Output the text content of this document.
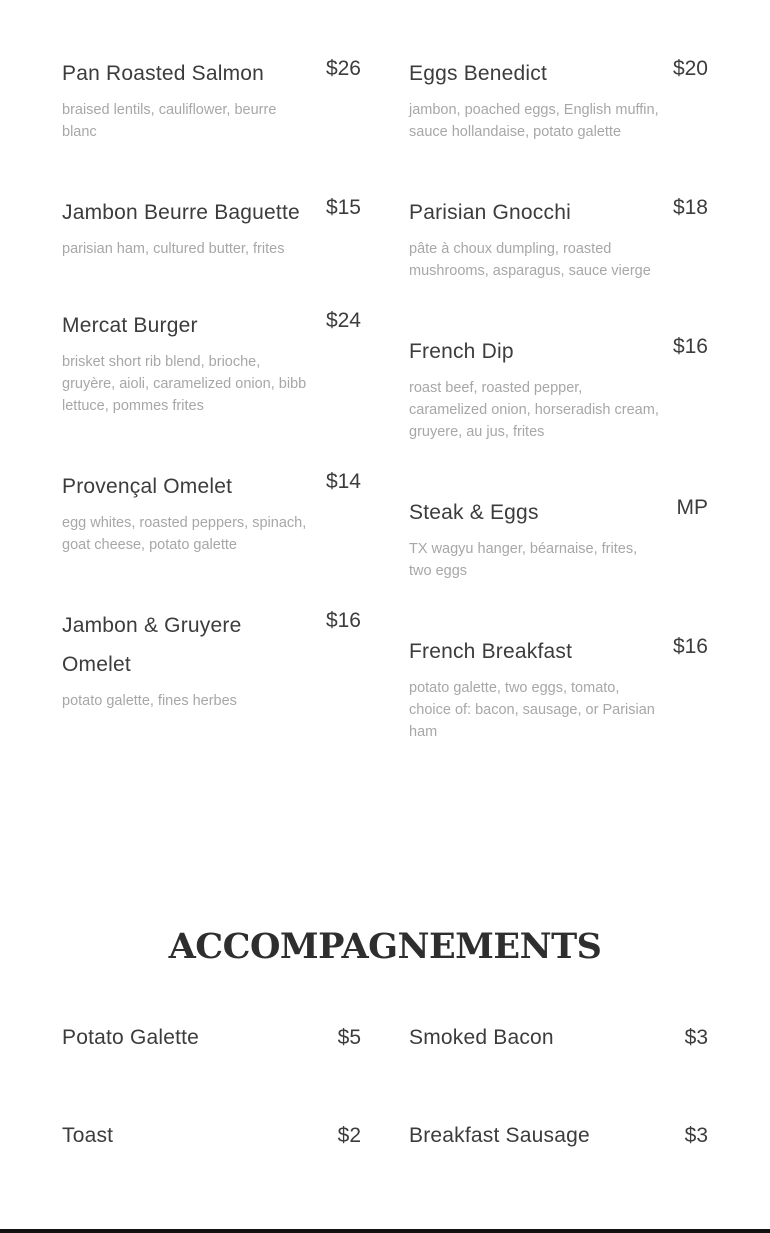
Pan Roasted Salmon	$26
braised lentils, cauliflower, beurre blanc
Jambon Beurre Baguette $15
parisian ham, cultured butter, frites
Mercat Burger	$24
brisket short rib blend, brioche, gruyère, aioli, caramelized onion, bibb lettuce, pommes frites
Provençal Omelet	$14
egg whites, roasted peppers, spinach, goat cheese, potato galette
Jambon & Gruyere Omelet
$16
potato galette, fines herbes
Eggs Benedict	$20
jambon, poached eggs, English muffin, sauce hollandaise, potato galette
Parisian Gnocchi	$18
pâte à choux dumpling, roasted mushrooms, asparagus, sauce vierge
French Dip	$16
roast beef, roasted pepper, caramelized onion, horseradish cream, gruyere, au jus, frites
Steak & Eggs	MP
TX wagyu hanger, béarnaise, frites, two eggs
French Breakfast	$16
potato galette, two eggs, tomato, choice of: bacon, sausage, or Parisian ham
ACCOMPAGNEMENTS
Potato Galette	$5
Toast	$2
Smoked Bacon	$3
Breakfast Sausage	$3
